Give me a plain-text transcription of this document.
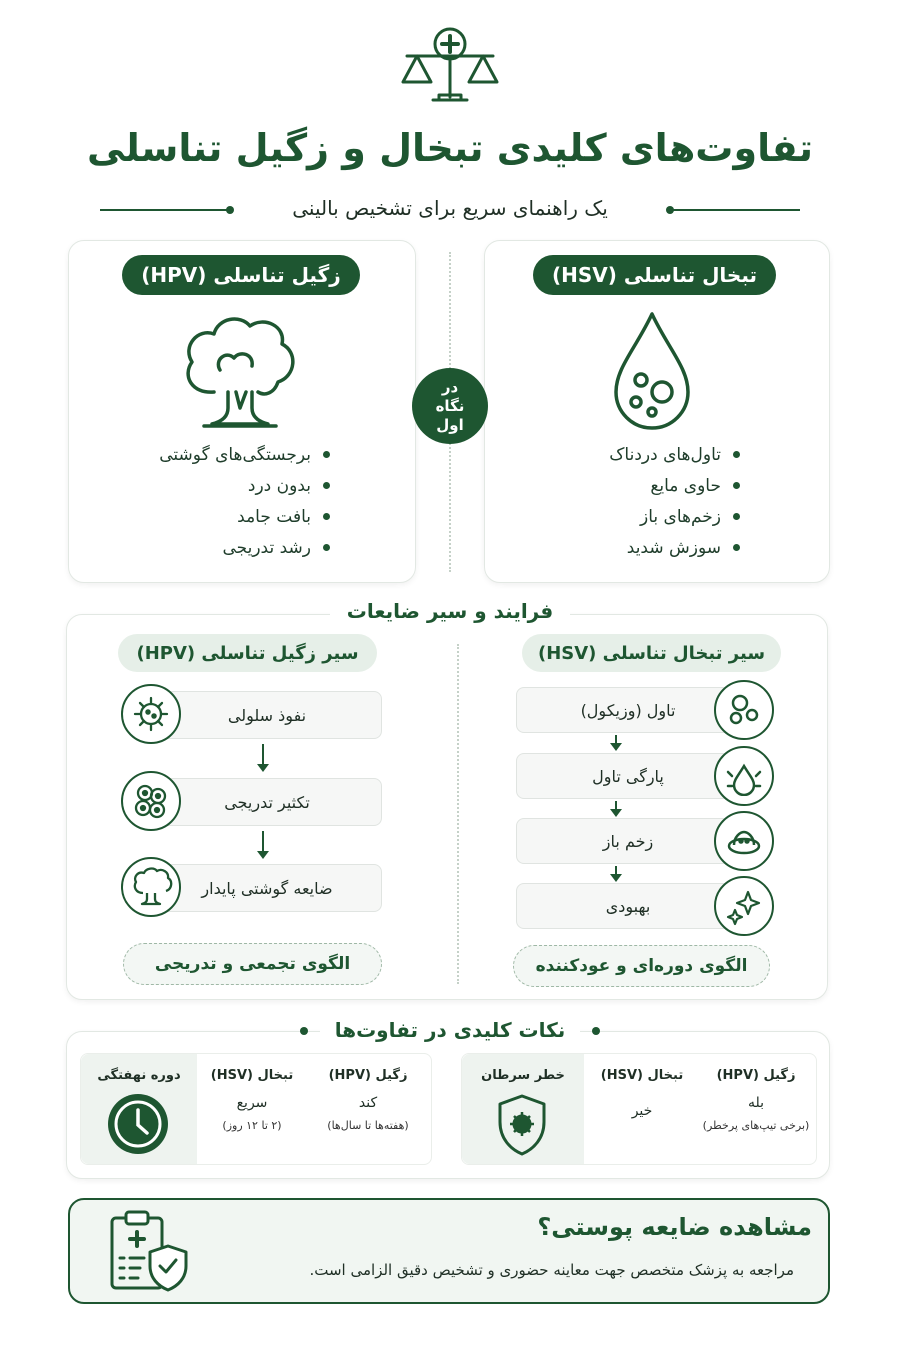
تفاوت‌های کلیدی تبخال و زگیل تناسلی
یک راهنمای سریع برای تشخیص بالینی
تبخال تناسلی (HSV)
زگیل تناسلی (HPV)
در
نگاه
اول
تاول‌های دردناک
حاوی مایع
زخم‌های باز
سوزش شدید
برجستگی‌های گوشتی
بدون درد
بافت جامد
رشد تدریجی
فرایند و سیر ضایعات
سیر تبخال تناسلی (HSV)
سیر زگیل تناسلی (HPV)
تاول (وزیکول)
پارگی تاول
زخم باز
بهبودی
الگوی دوره‌ای و عودکننده
نفوذ سلولی
تکثیر تدریجی
ضایعه گوشتی پایدار
الگوی تجمعی و تدریجی
نکات کلیدی در تفاوت‌ها
خطر سرطان	تبخال (HSV)
خیر
زگیل (HPV)
بله
(برخی تیپ‌های پرخطر)
دوره نهفتگی	تبخال (HSV)
سریع
(۲ تا ۱۲ روز)
زگیل (HPV)
کند
(هفته‌ها تا سال‌ها)
مشاهده ضایعه پوستی؟
مراجعه به پزشک متخصص جهت معاینه حضوری و تشخیص دقیق الزامی است.
